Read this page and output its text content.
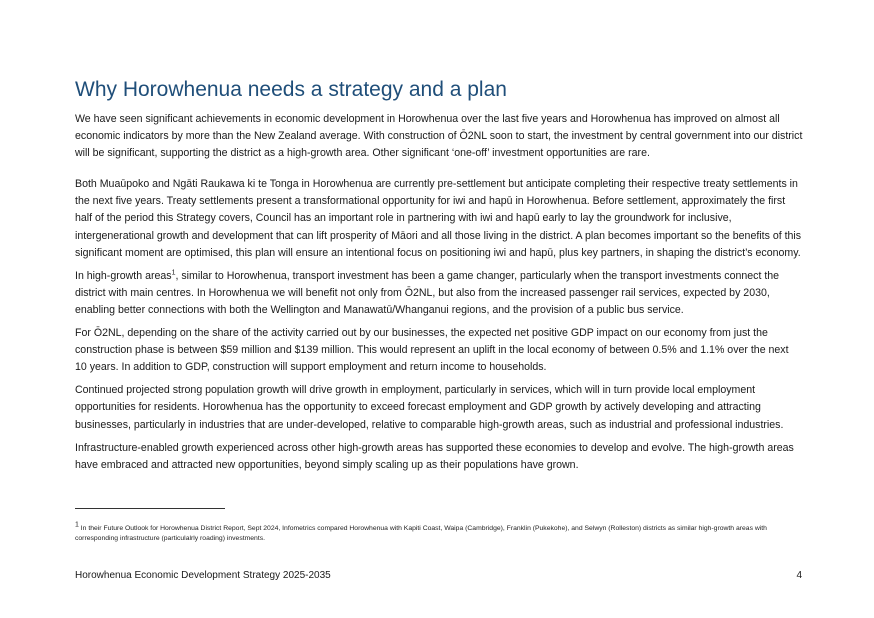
Why Horowhenua needs a strategy and a plan

We have seen significant achievements in economic development in Horowhenua over the last five years and Horowhenua has improved on almost all economic indicators by more than the New Zealand average. With construction of Ō2NL soon to start, the investment by central government into our district will be significant, supporting the district as a high-growth area. Other significant ‘one-off’ investment opportunities are rare.

Both Muaūpoko and Ngāti Raukawa ki te Tonga in Horowhenua are currently pre-settlement but anticipate completing their respective treaty settlements in the next five years. Treaty settlements present a transformational opportunity for iwi and hapū in Horowhenua. Before settlement, approximately the first half of the period this Strategy covers, Council has an important role in partnering with iwi and hapū early to lay the groundwork for inclusive, intergenerational growth and development that can lift prosperity of Māori and all those living in the district. A plan becomes important so the benefits of this significant moment are optimised, this plan will ensure an intentional focus on positioning iwi and hapū, plus key partners, in shaping the district’s economy.

In high-growth areas$^1$, similar to Horowhenua, transport investment has been a game changer, particularly when the transport investments connect the district with main centres. In Horowhenua we will benefit not only from Ō2NL, but also from the increased passenger rail services, expected by 2030, enabling better connections with both the Wellington and Manawatū/Whanganui regions, and the provision of a public bus service.

For Ō2NL, depending on the share of the activity carried out by our businesses, the expected net positive GDP impact on our economy from just the construction phase is between $59 million and $139 million. This would represent an uplift in the local economy of between 0.5% and 1.1% over the next 10 years. In addition to GDP, construction will support employment and return income to households.

Continued projected strong population growth will drive growth in employment, particularly in services, which will in turn provide local employment opportunities for residents. Horowhenua has the opportunity to exceed forecast employment and GDP growth by actively developing and attracting businesses, particularly in industries that are under-developed, relative to comparable high-growth areas, such as industrial and professional industries.

Infrastructure-enabled growth experienced across other high-growth areas has supported these economies to develop and evolve. The high-growth areas have embraced and attracted new opportunities, beyond simply scaling up as their populations have grown.

$^1$ In their Future Outlook for Horowhenua District Report, Sept 2024, Infometrics compared Horowhenua with Kapiti Coast, Waipa (Cambridge), Franklin (Pukekohe), and Selwyn (Rolleston) districts as similar high-growth areas with corresponding infrastructure (particulalrly roading) investments.
Horowhenua Economic Development Strategy 2025-2035	4
